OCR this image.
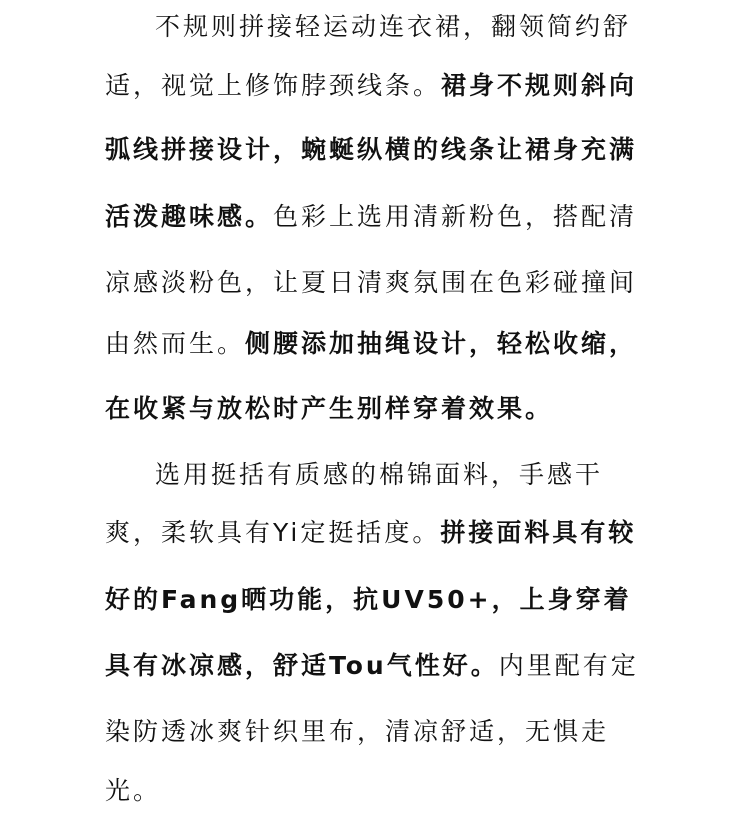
不规则拼接轻运动连衣裙，翻领简约舒
适，视觉上修饰脖颈线条。裙身不规则斜向
弧线拼接设计，蜿蜒纵横的线条让裙身充满
活泼趣味感。色彩上选用清新粉色，搭配清
凉感淡粉色，让夏日清爽氛围在色彩碰撞间
由然而生。侧腰添加抽绳设计，轻松收缩，
在收紧与放松时产生别样穿着效果。
选用挺括有质感的棉锦面料，手感干
爽，柔软具有Yi定挺括度。拼接面料具有较
好的Fang晒功能，抗UV50+，上身穿着
具有冰凉感，舒适Tou气性好。内里配有定
染防透冰爽针织里布，清凉舒适，无惧走
光。
